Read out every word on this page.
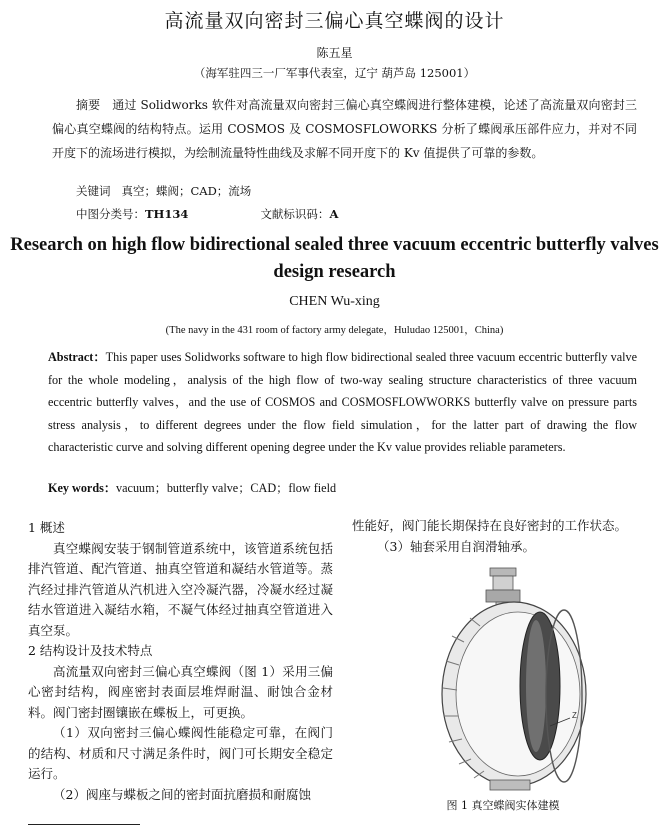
高流量双向密封三偏心真空蝶阀的设计
陈五星
（海军驻四三一厂军事代表室，辽宁 葫芦岛 125001）
摘要 通过 Solidworks 软件对高流量双向密封三偏心真空蝶阀进行整体建模，论述了高流量双向密封三偏心真空蝶阀的结构特点。运用 COSMOS 及 COSMOSFLOWORKS 分析了蝶阀承压部件应力，并对不同开度下的流场进行模拟，为绘制流量特性曲线及求解不同开度下的 Kv 值提供了可靠的参数。
关键词 真空；蝶阀；CAD；流场
中图分类号：TH134	文献标识码：A
Research on high flow bidirectional sealed three vacuum eccentric butterfly valves design research
CHEN Wu-xing
(The navy in the 431 room of factory army delegate，Huludao 125001，China)
Abstract：This paper uses Solidworks software to high flow bidirectional sealed three vacuum eccentric butterfly valve for the whole modeling，analysis of the high flow of two-way sealing structure characteristics of three vacuum eccentric butterfly valves，and the use of COSMOS and COSMOSFLOWWORKS butterfly valve on pressure parts stress analysis，to different degrees under the flow field simulation，for the latter part of drawing the flow characteristic curve and solving different opening degree under the Kv value provides reliable parameters.
Key words：vacuum；butterfly valve；CAD；flow field

1 概述

真空蝶阀安装于钢制管道系统中，该管道系统包括排汽管道、配汽管道、抽真空管道和凝结水管道等。蒸汽经过排汽管道从汽机进入空冷凝汽器，冷凝水经过凝结水管道进入凝结水箱，不凝气体经过抽真空管道进入真空泵。

2 结构设计及技术特点

高流量双向密封三偏心真空蝶阀（图 1）采用三偏心密封结构，阀座密封表面层堆焊耐温、耐蚀合金材料。阀门密封圈镶嵌在蝶板上，可更换。

（1）双向密封三偏心蝶阀性能稳定可靠，在阀门的结构、材质和尺寸满足条件时，阀门可长期安全稳定运行。

（2）阀座与蝶板之间的密封面抗磨损和耐腐蚀

性能好，阀门能长期保持在良好密封的工作状态。

（3）轴套采用自润滑轴承。

Z
图 1 真空蝶阀实体建模
